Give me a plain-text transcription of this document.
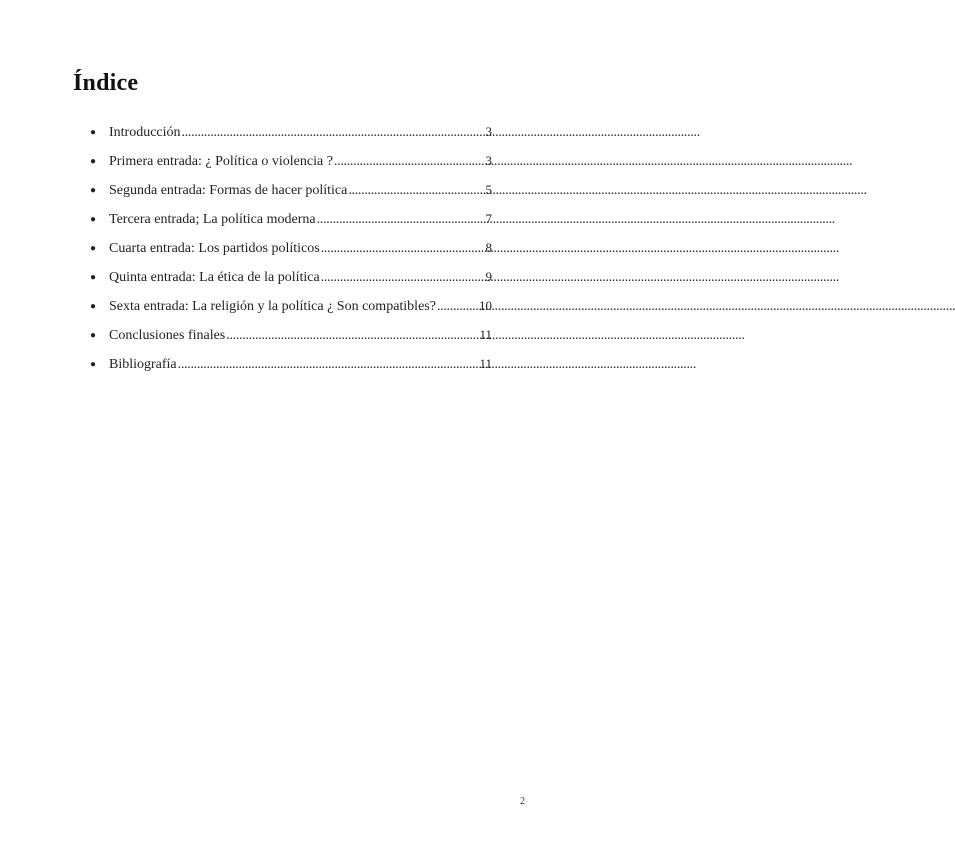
Índice
● Introducción .....	3
● Primera entrada: ¿ Política o violencia ? .....	3
● Segunda entrada: Formas de hacer política .....	5
● Tercera entrada; La política moderna .....	7
● Cuarta entrada: Los partidos políticos .....	8
● Quinta entrada: La ética de la política .....	9
● Sexta entrada: La religión y la política ¿ Son compatibles? .....	10
● Conclusiones finales .....	11
● Bibliografía .....	11
2
